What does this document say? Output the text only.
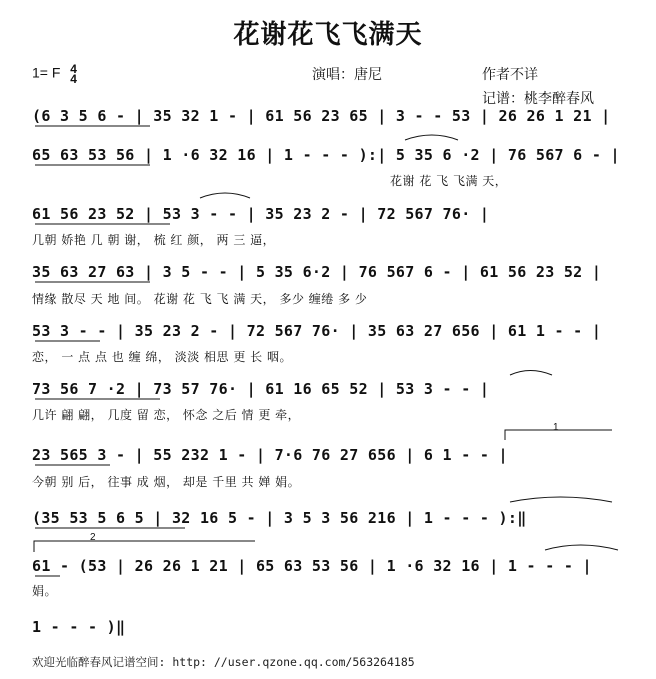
花谢花飞飞满天
1= F 4
4	演唱：唐尼	作者不详
记谱：桃李醉春风
(6 3 5 6 - | 35 32 1 - | 61 56 23 65 | 3 - - 53 | 26 26 1 21 |
65 63 53 56 | 1 ·6 32 16 | 1 - - - ):| 5 35 6 ·2 | 76 567 6 - |
花谢 花 飞 飞满 天，
61 56 23 52 | 53 3 - - | 35 23 2 - | 72 567 76· |
几朝 娇艳 几 朝 谢， 梳 红 颜， 两 三 逼，
35 63 27 63 | 3 5 - - | 5 35 6·2 | 76 567 6 - | 61 56 23 52 |
情缘 散尽 天 地 间。 花谢 花 飞 飞 满 天， 多少 缠绻 多 少
53 3 - - | 35 23 2 - | 72 567 76· | 35 63 27 656 | 61 1 - - |
恋， 一 点 点 也 缠 绵， 淡淡 相思 更 长 咽。
73 56 7 ·2 | 73 57 76· | 61 16 65 52 | 53 3 - - |
几许 翩 翩， 几度 留 恋， 怀念 之后 情 更 牵，
23 565 3 - | 55 232 1 - | 7·6 76 27 656 | 6 1 - - |
今朝 别 后， 往事 成 烟， 却是 千里 共 婵 娟。
(35 53 5 6 5 | 32 16 5 - | 3 5 3 56 216 | 1 - - - ):‖
61 - (53 | 26 26 1 21 | 65 63 53 56 | 1 ·6 32 16 | 1 - - - |
娟。
1 - - - )‖
1
2
欢迎光临醉春风记谱空间: http: //user.qzone.qq.com/563264185
